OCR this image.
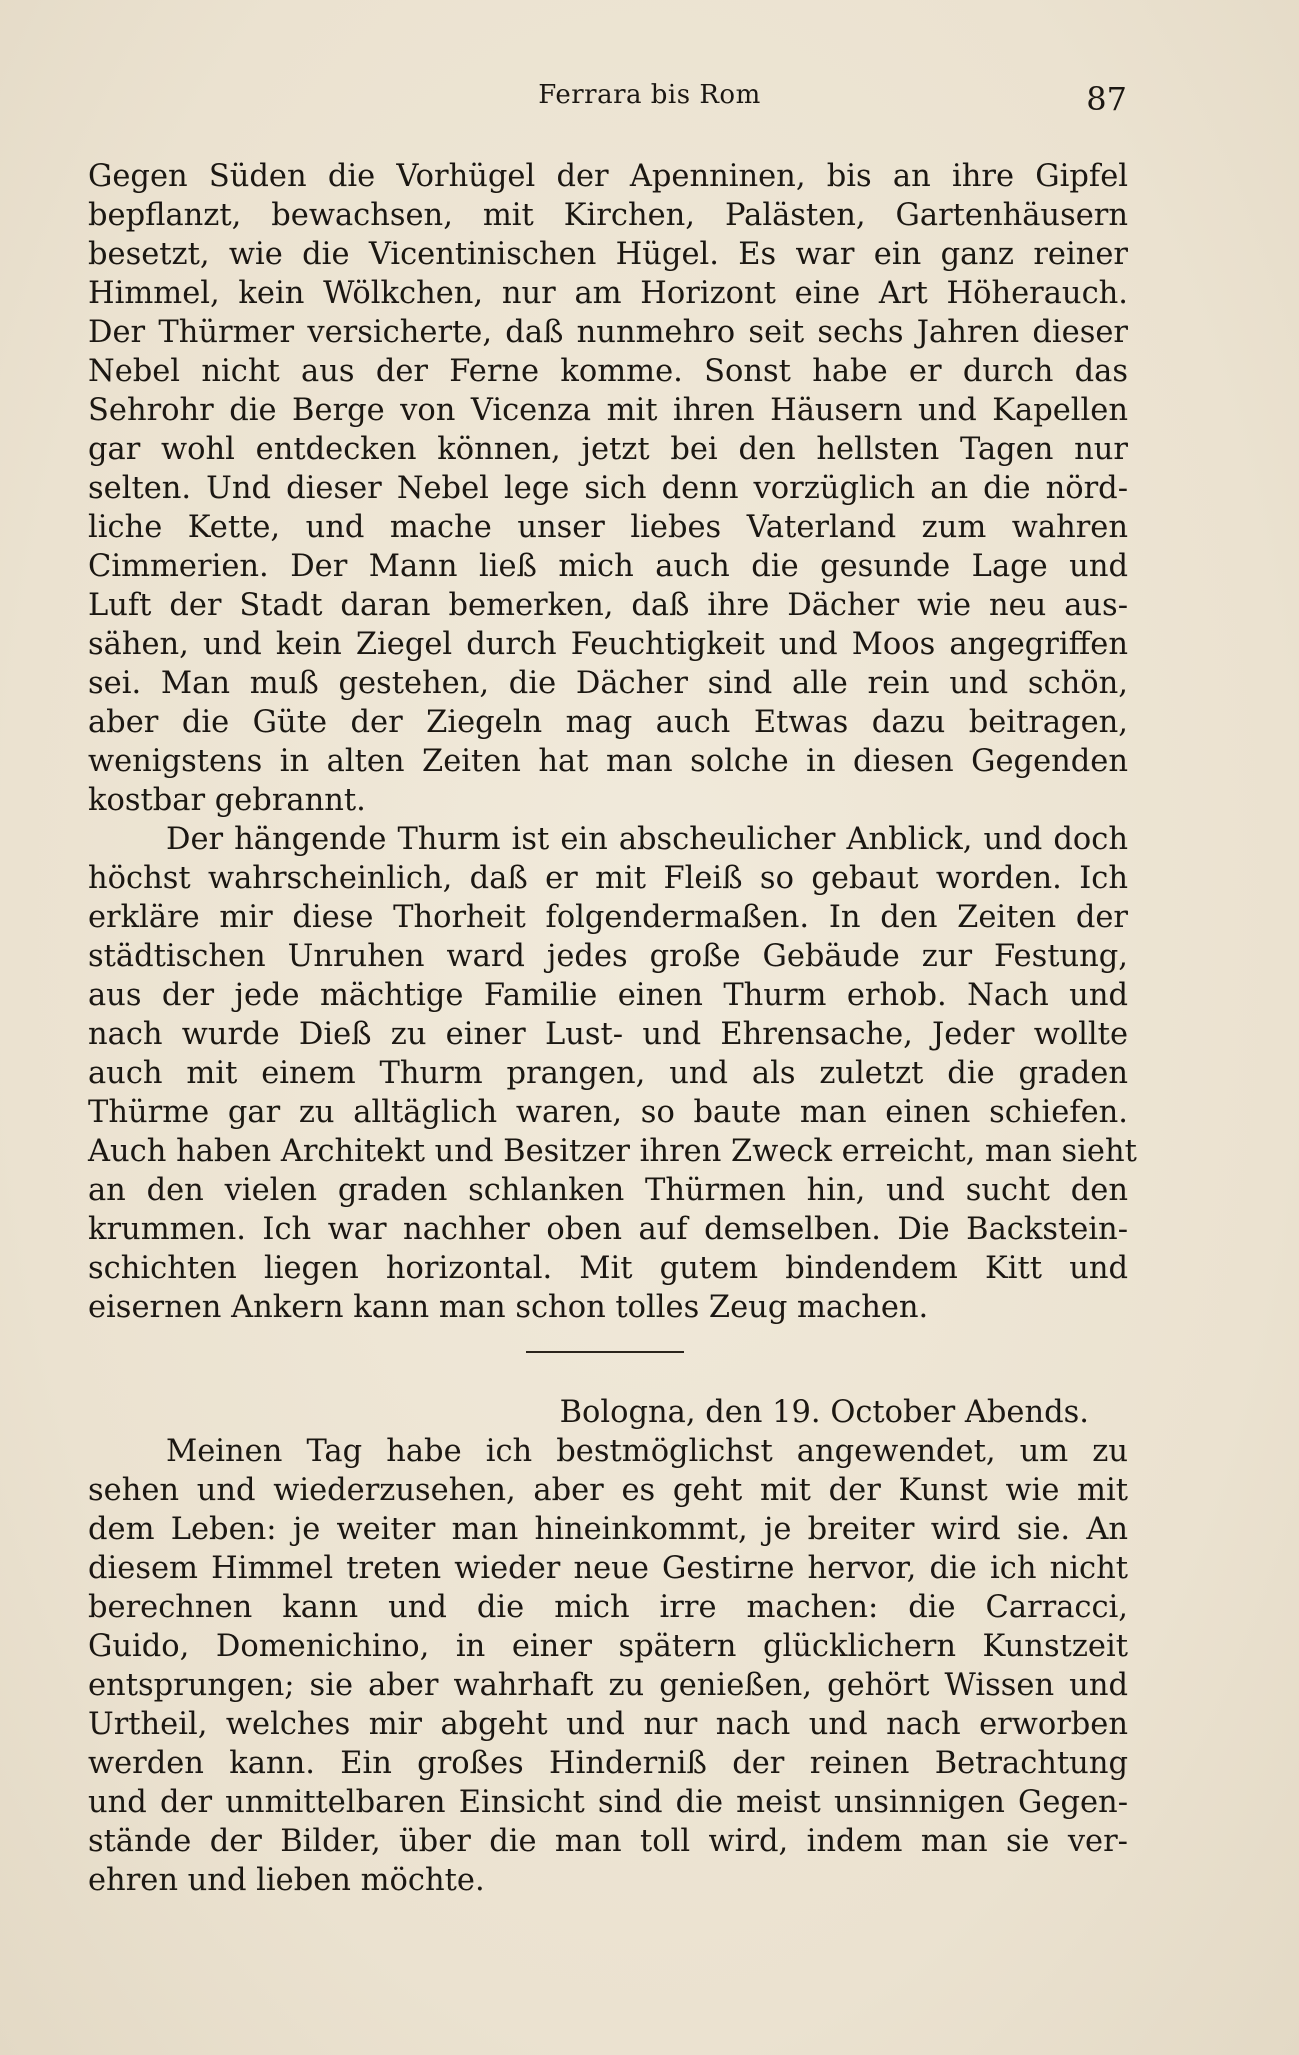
Ferrara bis Rom	87
Gegen Süden die Vorhügel der Apenninen, bis an ihre Gipfel
bepflanzt, bewachsen, mit Kirchen, Palästen, Gartenhäusern
besetzt, wie die Vicentinischen Hügel. Es war ein ganz reiner
Himmel, kein Wölkchen, nur am Horizont eine Art Höherauch.
Der Thürmer versicherte, daß nunmehro seit sechs Jahren dieser
Nebel nicht aus der Ferne komme. Sonst habe er durch das
Sehrohr die Berge von Vicenza mit ihren Häusern und Kapellen
gar wohl entdecken können, jetzt bei den hellsten Tagen nur
selten. Und dieser Nebel lege sich denn vorzüglich an die nörd-
liche Kette, und mache unser liebes Vaterland zum wahren
Cimmerien. Der Mann ließ mich auch die gesunde Lage und
Luft der Stadt daran bemerken, daß ihre Dächer wie neu aus-
sähen, und kein Ziegel durch Feuchtigkeit und Moos angegriffen
sei. Man muß gestehen, die Dächer sind alle rein und schön,
aber die Güte der Ziegeln mag auch Etwas dazu beitragen,
wenigstens in alten Zeiten hat man solche in diesen Gegenden
kostbar gebrannt.
Der hängende Thurm ist ein abscheulicher Anblick, und doch
höchst wahrscheinlich, daß er mit Fleiß so gebaut worden. Ich
erkläre mir diese Thorheit folgendermaßen. In den Zeiten der
städtischen Unruhen ward jedes große Gebäude zur Festung,
aus der jede mächtige Familie einen Thurm erhob. Nach und
nach wurde Dieß zu einer Lust- und Ehrensache, Jeder wollte
auch mit einem Thurm prangen, und als zuletzt die graden
Thürme gar zu alltäglich waren, so baute man einen schiefen.
Auch haben Architekt und Besitzer ihren Zweck erreicht, man sieht
an den vielen graden schlanken Thürmen hin, und sucht den
krummen. Ich war nachher oben auf demselben. Die Backstein-
schichten liegen horizontal. Mit gutem bindendem Kitt und
eisernen Ankern kann man schon tolles Zeug machen.
Bologna, den 19. October Abends.
Meinen Tag habe ich bestmöglichst angewendet, um zu
sehen und wiederzusehen, aber es geht mit der Kunst wie mit
dem Leben: je weiter man hineinkommt, je breiter wird sie. An
diesem Himmel treten wieder neue Gestirne hervor, die ich nicht
berechnen kann und die mich irre machen: die Carracci,
Guido, Domenichino, in einer spätern glücklichern Kunstzeit
entsprungen; sie aber wahrhaft zu genießen, gehört Wissen und
Urtheil, welches mir abgeht und nur nach und nach erworben
werden kann. Ein großes Hinderniß der reinen Betrachtung
und der unmittelbaren Einsicht sind die meist unsinnigen Gegen-
stände der Bilder, über die man toll wird, indem man sie ver-
ehren und lieben möchte.
